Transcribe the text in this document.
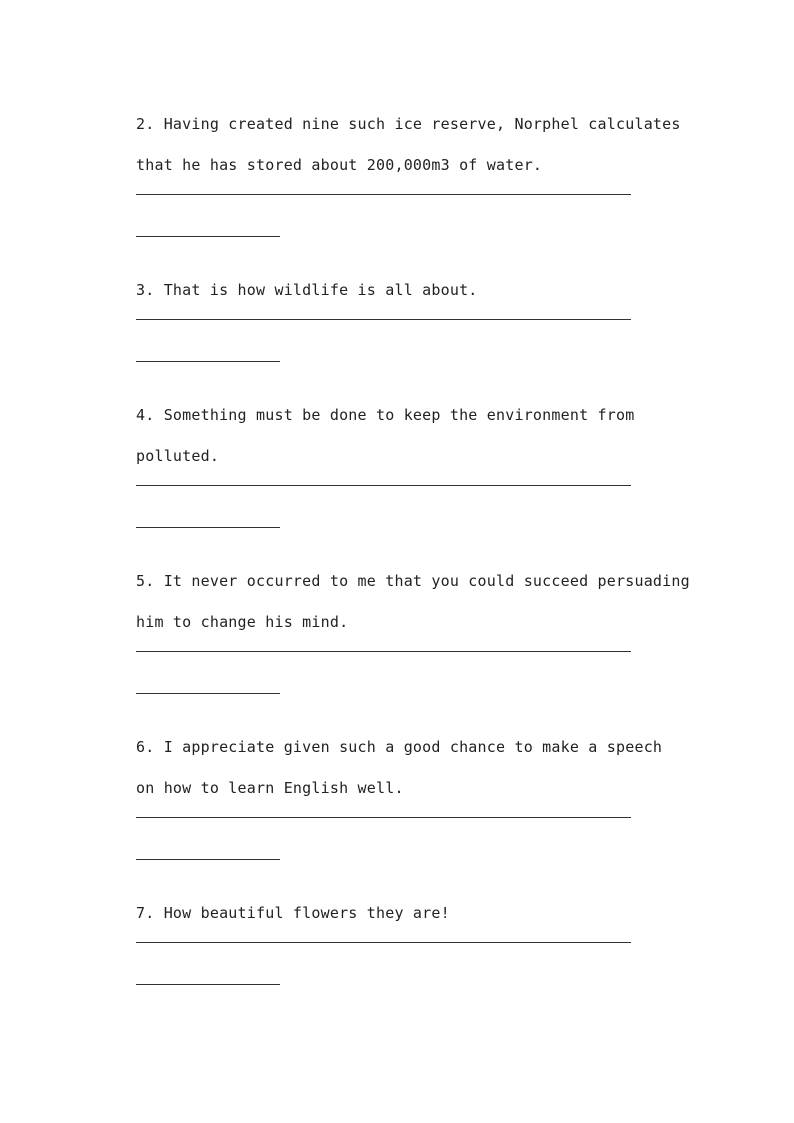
2. Having created nine such ice reserve, Norphel calculates
that he has stored about 200,000m3 of water.
3. That is how wildlife is all about.
4. Something must be done to keep the environment from
polluted.
5. It never occurred to me that you could succeed persuading
him to change his mind.
6. I appreciate given such a good chance to make a speech
on how to learn English well.
7. How beautiful flowers they are!
